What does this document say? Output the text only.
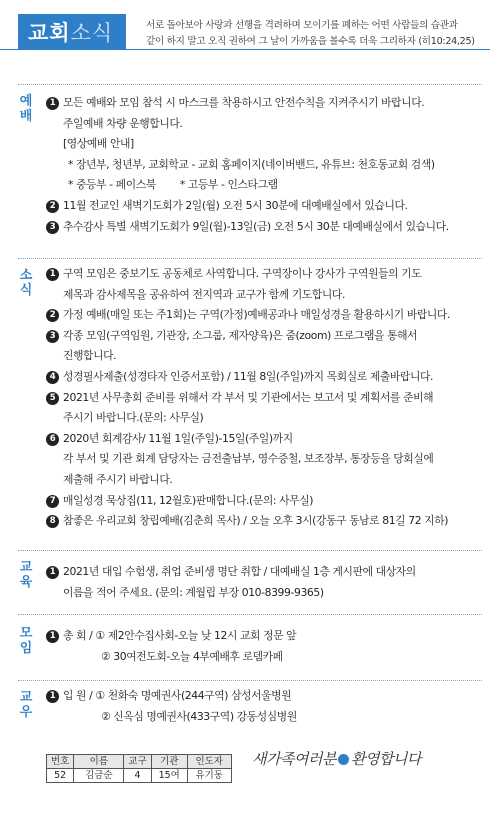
교회 소식	서로 돌아보아 사랑과 선행을 격려하며 모이기를 폐하는 어떤 사람들의 습관과
같이 하지 말고 오직 권하여 그 날이 가까움을 볼수록 더욱 그리하자 (히10:24,25)
예
배
1 모든 예배와 모임 참석 시 마스크를 착용하시고 안전수칙을 지켜주시기 바랍니다.
주일예배 차량 운행합니다.
[영상예배 안내]
* 장년부, 청년부, 교회학교 - 교회 홈페이지(네이버밴드, 유튜브: 천호동교회 검색)
* 중등부 - 페이스북 * 고등부 - 인스타그램
2 11월 전교인 새벽기도회가 2일(월) 오전 5시 30분에 대예배실에서 있습니다.
3 추수감사 특별 새벽기도회가 9일(월)-13일(금) 오전 5시 30분 대예배실에서 있습니다.
소
식
1 구역 모임은 중보기도 공동체로 사역합니다. 구역장이나 강사가 구역원들의 기도
제목과 감사제목을 공유하여 전지역과 교구가 함께 기도합니다.
2 가정 예배(매일 또는 주1회)는 구역(가정)예배공과나 매일성경을 활용하시기 바랍니다.
3 각종 모임(구역임원, 기관장, 소그룹, 제자양육)은 줌(zoom) 프로그램을 통해서
진행합니다.
4 성경필사제출(성경타자 인증서포함) / 11월 8일(주일)까지 목회실로 제출바랍니다.
5 2021년 사무총회 준비를 위해서 각 부서 및 기관에서는 보고서 및 계획서를 준비해
주시기 바랍니다.(문의: 사무실)
6 2020년 회계감사/ 11월 1일(주일)-15일(주일)까지
각 부서 및 기관 회계 담당자는 금전출납부, 영수증철, 보조장부, 통장등을 당회실에
제출해 주시기 바랍니다.
7 매일성경 묵상집(11, 12월호)판매합니다.(문의: 사무실)
8 참좋은 우리교회 창립예배(김춘희 목사) / 오늘 오후 3시(강동구 동남로 81길 72 지하)
교
육
1 2021년 대입 수험생, 취업 준비생 명단 취합 / 대예배실 1층 게시판에 대상자의
이름을 적어 주세요. (문의: 계월립 부장 010-8399-9365)
모
임
1 총 회 / ① 제2안수집사회-오늘 낮 12시 교회 정문 앞
② 30여전도회-오늘 4부예배후 로뎀카페
교
우
1 입 원 / ① 천화숙 명예권사(244구역) 삼성서울병원
② 신옥심 명예권사(433구역) 강동성심병원
번호	이름	교구	기관	인도자
52	김금순	4	15여	유기동
새가족여러분 환영합니다
